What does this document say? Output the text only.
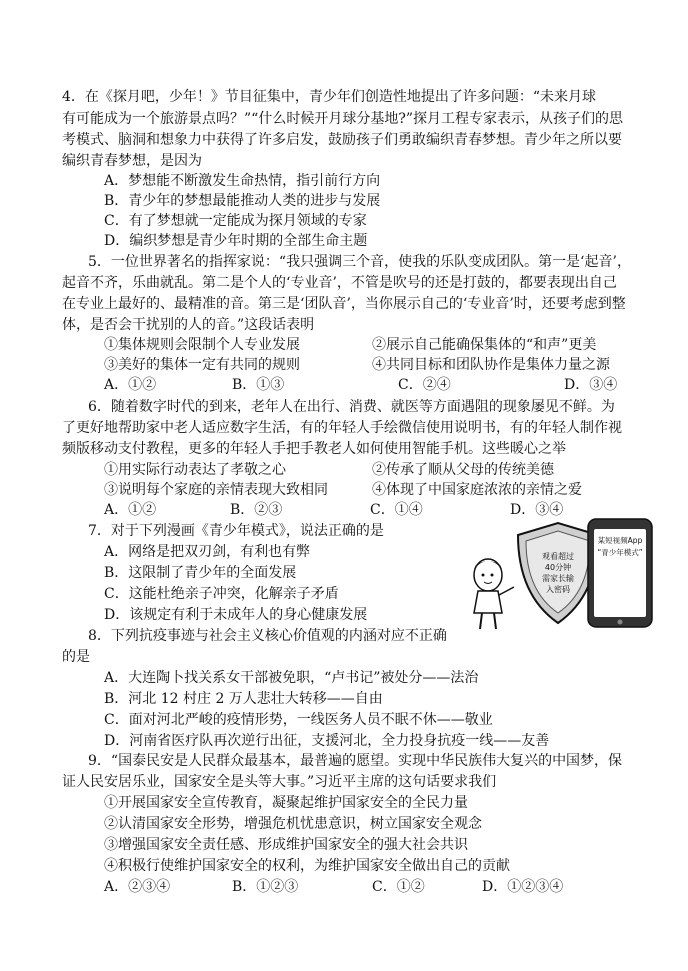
4．在《探月吧，少年！》节目征集中，青少年们创造性地提出了许多问题：“未来月球
有可能成为一个旅游景点吗？”“什么时候开月球分基地?”探月工程专家表示，从孩子们的思
考模式、脑洞和想象力中获得了许多启发，鼓励孩子们勇敢编织青春梦想。青少年之所以要
编织青春梦想，是因为
A．梦想能不断激发生命热情，指引前行方向
B．青少年的梦想最能推动人类的进步与发展
C．有了梦想就一定能成为探月领域的专家
D．编织梦想是青少年时期的全部生命主题
5．一位世界著名的指挥家说：“我只强调三个音，使我的乐队变成团队。第一是‘起音’，
起音不齐，乐曲就乱。第二是个人的‘专业音’，不管是吹号的还是打鼓的，都要表现出自己
在专业上最好的、最精准的音。第三是‘团队音’，当你展示自己的‘专业音’时，还要考虑到整
体，是否会干扰别的人的音。”这段话表明
①集体规则会限制个人专业发展	②展示自己能确保集体的“和声”更美
③美好的集体一定有共同的规则	④共同目标和团队协作是集体力量之源
A．①②	B．①③	C．②④	D．③④
6．随着数字时代的到来，老年人在出行、消费、就医等方面遇阻的现象屡见不鲜。为
了更好地帮助家中老人适应数字生活，有的年轻人手绘微信使用说明书，有的年轻人制作视
频版移动支付教程，更多的年轻人手把手教老人如何使用智能手机。这些暖心之举
①用实际行动表达了孝敬之心	②传承了顺从父母的传统美德
③说明每个家庭的亲情表现大致相同	④体现了中国家庭浓浓的亲情之爱
A．①②	B．②③	C．①④	D．③④
7．对于下列漫画《青少年模式》，说法正确的是
A．网络是把双刃剑，有利也有弊
B．这限制了青少年的全面发展
C．这能杜绝亲子冲突，化解亲子矛盾
D．该规定有利于未成年人的身心健康发展
观看超过
40分钟
需家长输
入密码
某短视频App
“青少年模式”
8．下列抗疫事迹与社会主义核心价值观的内涵对应不正确
的是
A．大连陶卜找关系女干部被免职，“卢书记”被处分——法治
B．河北 12 村庄 2 万人悲壮大转移——自由
C．面对河北严峻的疫情形势，一线医务人员不眠不休——敬业
D．河南省医疗队再次逆行出征，支援河北，全力投身抗疫一线——友善
9．“国泰民安是人民群众最基本，最普遍的愿望。实现中华民族伟大复兴的中国梦，保
证人民安居乐业，国家安全是头等大事。”习近平主席的这句话要求我们
①开展国家安全宣传教育，凝聚起维护国家安全的全民力量
②认清国家安全形势，增强危机忧患意识，树立国家安全观念
③增强国家安全责任感、形成维护国家安全的强大社会共识
④积极行使维护国家安全的权利，为维护国家安全做出自己的贡献
A．②③④	B．①②③	C．①②	D．①②③④
